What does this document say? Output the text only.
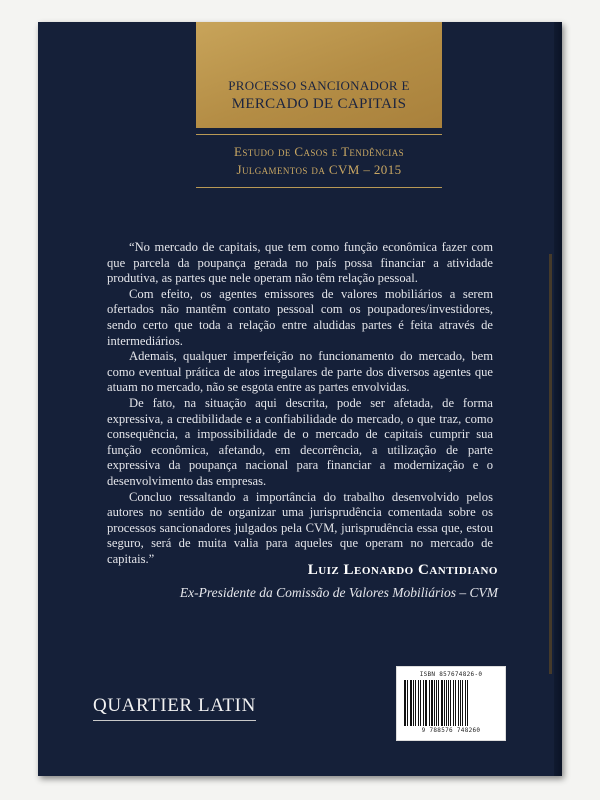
PROCESSO SANCIONADOR E
MERCADO DE CAPITAIS
Estudo de Casos e Tendências
Julgamentos da CVM – 2015

“No mercado de capitais, que tem como função econômica fazer com que parcela da poupança gerada no país possa financiar a atividade produtiva, as partes que nele operam não têm relação pessoal.

Com efeito, os agentes emissores de valores mobiliários a serem ofertados não mantêm contato pessoal com os poupadores/investidores, sendo certo que toda a relação entre aludidas partes é feita através de intermediários.

Ademais, qualquer imperfeição no funcionamento do mercado, bem como eventual prática de atos irregulares de parte dos diversos agentes que atuam no mercado, não se esgota entre as partes envolvidas.

De fato, na situação aqui descrita, pode ser afetada, de forma expressiva, a credibilidade e a confiabilidade do mercado, o que traz, como consequência, a impossibilidade de o mercado de capitais cumprir sua função econômica, afetando, em decorrência, a utilização de parte expressiva da poupança nacional para financiar a modernização e o desenvolvimento das empresas.

Concluo ressaltando a importância do trabalho desenvolvido pelos autores no sentido de organizar uma jurisprudência comentada sobre os processos sancionadores julgados pela CVM, jurisprudência essa que, estou seguro, será de muita valia para aqueles que operam no mercado de capitais.”

Luiz Leonardo Cantidiano
Ex-Presidente da Comissão de Valores Mobiliários – CVM
QUARTIER LATIN
ISBN 857674826-0
9 788576 748260
